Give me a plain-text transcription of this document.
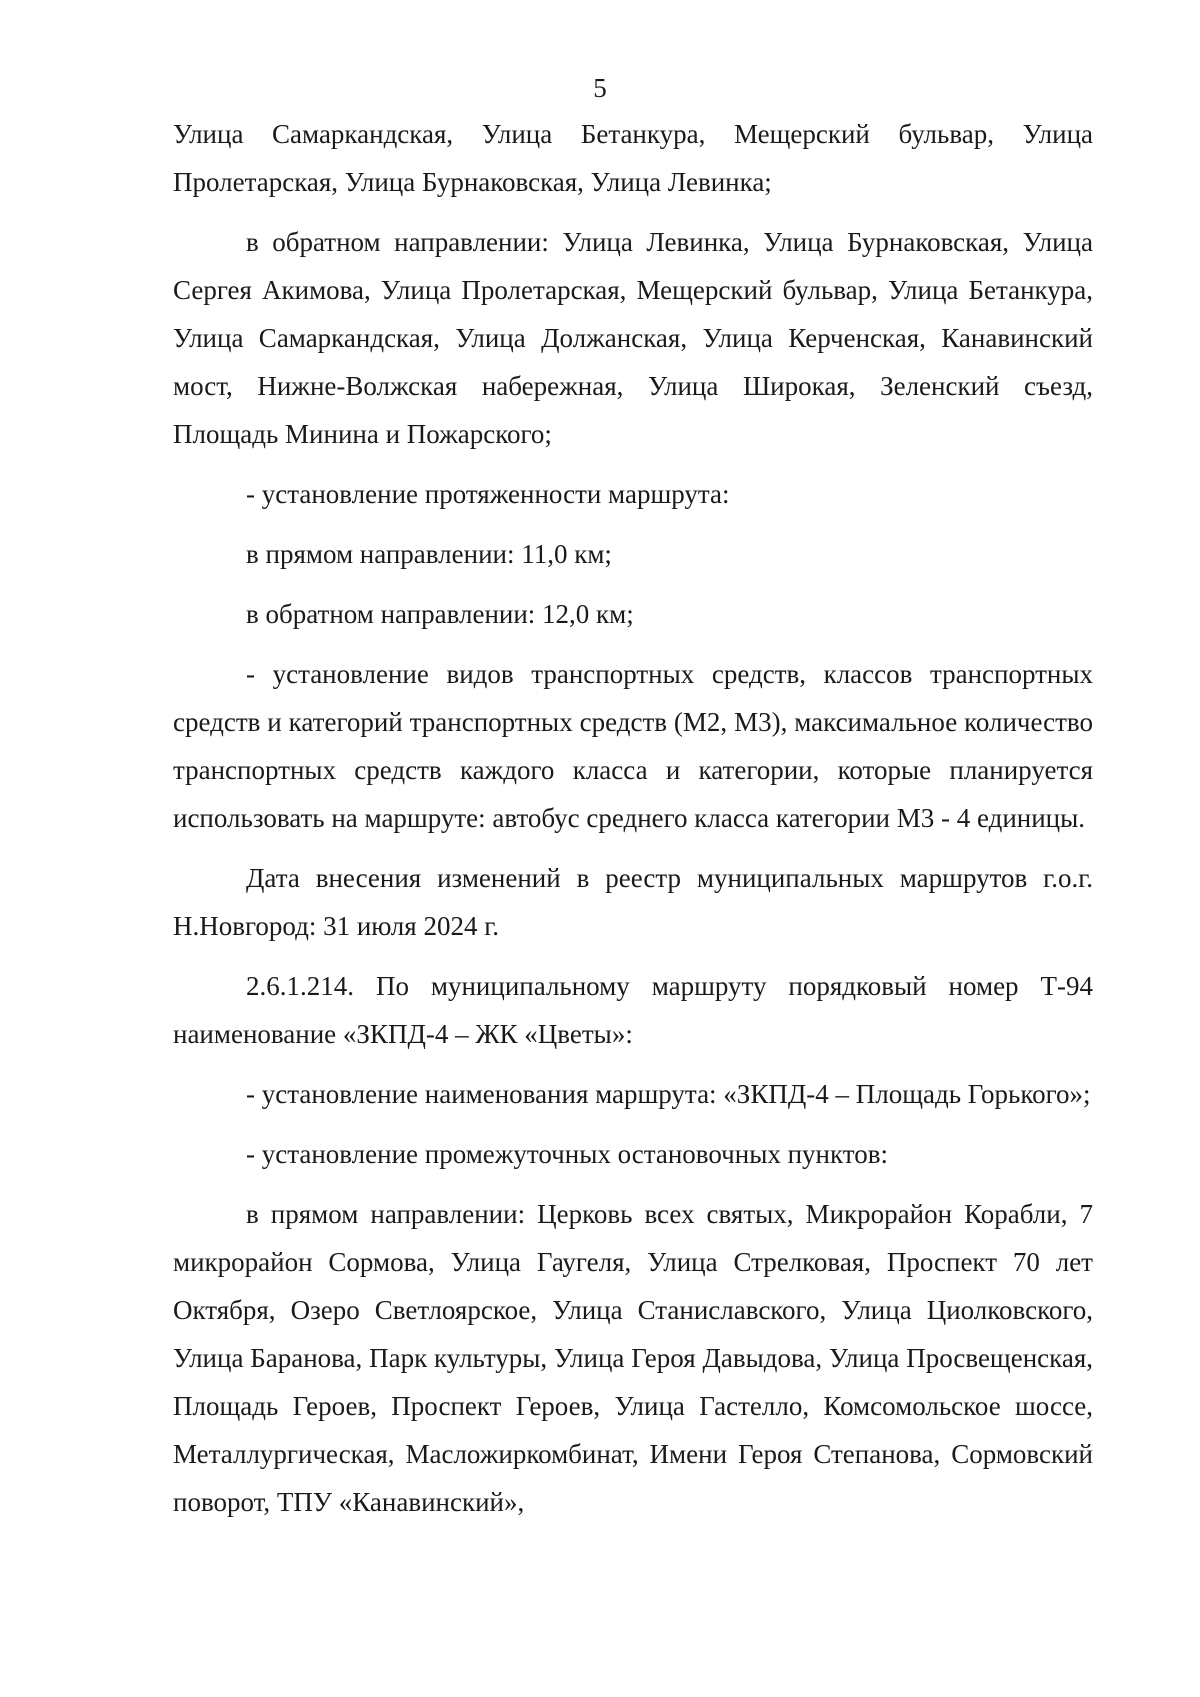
5

Улица Самаркандская, Улица Бетанкура, Мещерский бульвар, Улица Пролетарская, Улица Бурнаковская, Улица Левинка;

в обратном направлении: Улица Левинка, Улица Бурнаковская, Улица Сергея Акимова, Улица Пролетарская, Мещерский бульвар, Улица Бетанкура, Улица Самаркандская, Улица Должанская, Улица Керченская, Канавинский мост, Нижне-Волжская набережная, Улица Широкая, Зеленский съезд, Площадь Минина и Пожарского;

- установление протяженности маршрута:

в прямом направлении: 11,0 км;

в обратном направлении: 12,0 км;

- установление видов транспортных средств, классов транспортных средств и категорий транспортных средств (М2, М3), максимальное количество транспортных средств каждого класса и категории, которые планируется использовать на маршруте: автобус среднего класса категории М3 - 4 единицы.

Дата внесения изменений в реестр муниципальных маршрутов г.о.г. Н.Новгород: 31 июля 2024 г.

2.6.1.214. По муниципальному маршруту порядковый номер Т-94 наименование «ЗКПД-4 – ЖК «Цветы»:

- установление наименования маршрута: «ЗКПД-4 – Площадь Горького»;

- установление промежуточных остановочных пунктов:

в прямом направлении: Церковь всех святых, Микрорайон Корабли, 7 микрорайон Сормова, Улица Гаугеля, Улица Стрелковая, Проспект 70 лет Октября, Озеро Светлоярское, Улица Станиславского, Улица Циолковского, Улица Баранова, Парк культуры, Улица Героя Давыдова, Улица Просвещенская, Площадь Героев, Проспект Героев, Улица Гастелло, Комсомольское шоссе, Металлургическая, Масложиркомбинат, Имени Героя Степанова, Сормовский поворот, ТПУ «Канавинский»,
